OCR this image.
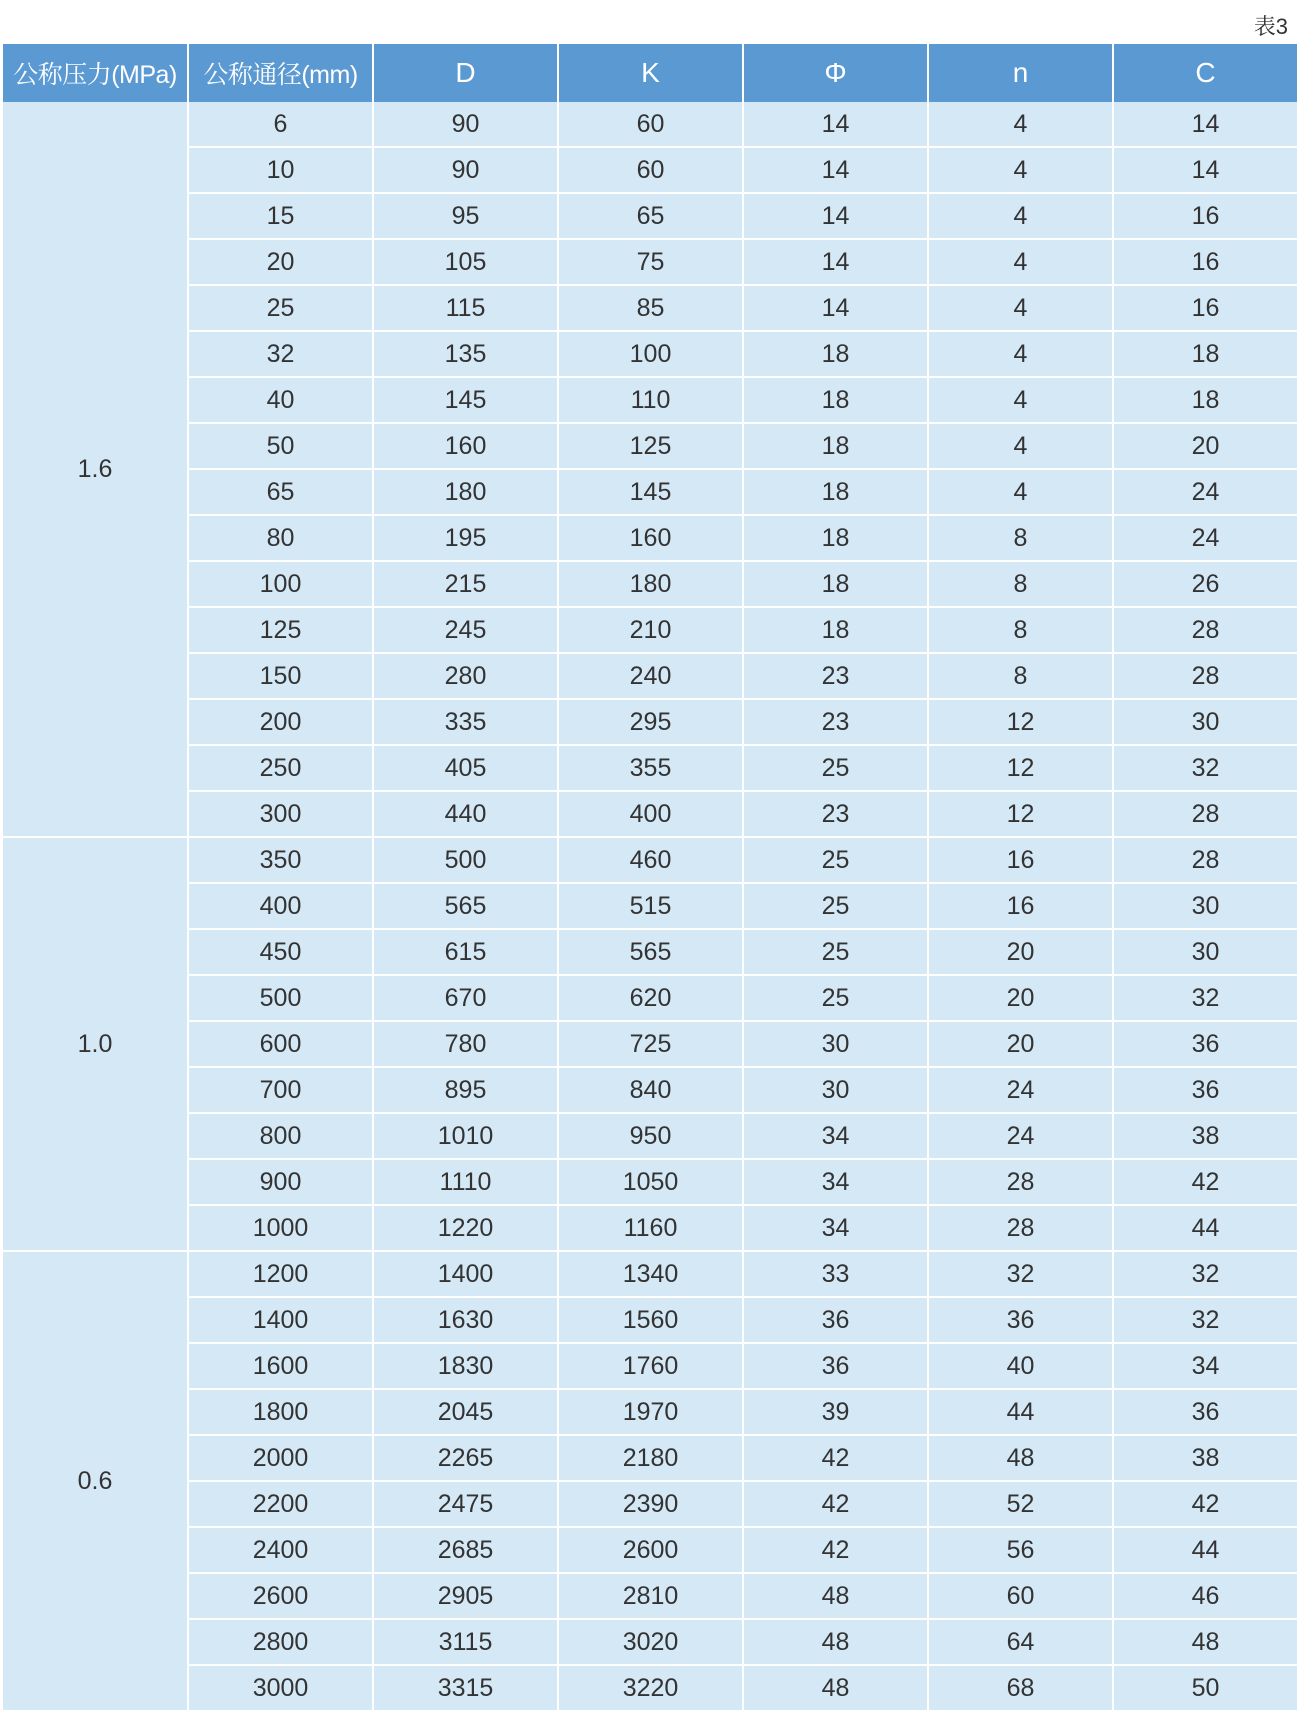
表3
公称压力(MPa)	公称通径(mm)	D	K	Φ	n	C
1.6	6	90	60	14	4	14
	10	90	60	14	4	14
	15	95	65	14	4	16
	20	105	75	14	4	16
	25	115	85	14	4	16
	32	135	100	18	4	18
	40	145	110	18	4	18
	50	160	125	18	4	20
	65	180	145	18	4	24
	80	195	160	18	8	24
	100	215	180	18	8	26
	125	245	210	18	8	28
	150	280	240	23	8	28
	200	335	295	23	12	30
	250	405	355	25	12	32
	300	440	400	23	12	28
1.0	350	500	460	25	16	28
	400	565	515	25	16	30
	450	615	565	25	20	30
	500	670	620	25	20	32
	600	780	725	30	20	36
	700	895	840	30	24	36
	800	1010	950	34	24	38
	900	1110	1050	34	28	42
	1000	1220	1160	34	28	44
0.6	1200	1400	1340	33	32	32
	1400	1630	1560	36	36	32
	1600	1830	1760	36	40	34
	1800	2045	1970	39	44	36
	2000	2265	2180	42	48	38
	2200	2475	2390	42	52	42
	2400	2685	2600	42	56	44
	2600	2905	2810	48	60	46
	2800	3115	3020	48	64	48
	3000	3315	3220	48	68	50
